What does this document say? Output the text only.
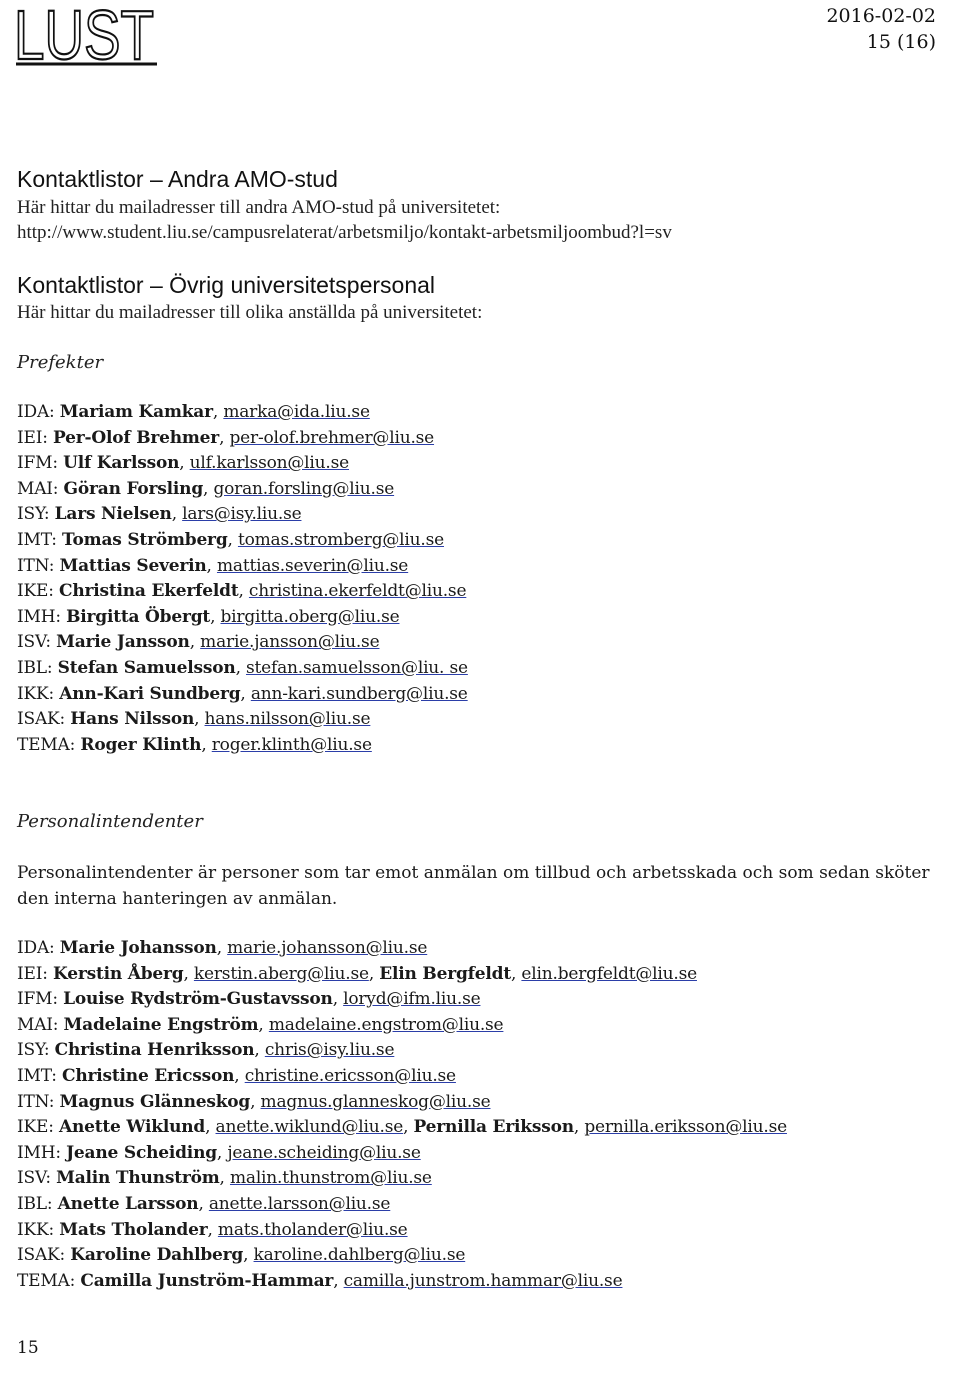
LUST	2016-02-02
15 (16)
Kontaktlistor – Andra AMO-stud
Här hittar du mailadresser till andra AMO-stud på universitetet:
http://www.student.liu.se/campusrelaterat/arbetsmiljo/kontakt-arbetsmiljoombud?l=sv
Kontaktlistor – Övrig universitetspersonal
Här hittar du mailadresser till olika anställda på universitetet:
Prefekter
IDA: Mariam Kamkar, marka@ida.liu.se
IEI: Per-Olof Brehmer, per-olof.brehmer@liu.se
IFM: Ulf Karlsson, ulf.karlsson@liu.se
MAI: Göran Forsling, goran.forsling@liu.se
ISY: Lars Nielsen, lars@isy.liu.se
IMT: Tomas Strömberg, tomas.stromberg@liu.se
ITN: Mattias Severin, mattias.severin@liu.se
IKE: Christina Ekerfeldt, christina.ekerfeldt@liu.se
IMH: Birgitta Öbergt, birgitta.oberg@liu.se
ISV: Marie Jansson, marie.jansson@liu.se
IBL: Stefan Samuelsson, stefan.samuelsson@liu. se
IKK: Ann-Kari Sundberg, ann-kari.sundberg@liu.se
ISAK: Hans Nilsson, hans.nilsson@liu.se
TEMA: Roger Klinth, roger.klinth@liu.se
Personalintendenter
Personalintendenter är personer som tar emot anmälan om tillbud och arbetsskada och som sedan sköter den interna hanteringen av anmälan.
IDA: Marie Johansson, marie.johansson@liu.se
IEI: Kerstin Åberg, kerstin.aberg@liu.se, Elin Bergfeldt, elin.bergfeldt@liu.se
IFM: Louise Rydström-Gustavsson, loryd@ifm.liu.se
MAI: Madelaine Engström, madelaine.engstrom@liu.se
ISY: Christina Henriksson, chris@isy.liu.se
IMT: Christine Ericsson, christine.ericsson@liu.se
ITN: Magnus Glänneskog, magnus.glanneskog@liu.se
IKE: Anette Wiklund, anette.wiklund@liu.se, Pernilla Eriksson, pernilla.eriksson@liu.se
IMH: Jeane Scheiding, jeane.scheiding@liu.se
ISV: Malin Thunström, malin.thunstrom@liu.se
IBL: Anette Larsson, anette.larsson@liu.se
IKK: Mats Tholander, mats.tholander@liu.se
ISAK: Karoline Dahlberg, karoline.dahlberg@liu.se
TEMA: Camilla Junström-Hammar, camilla.junstrom.hammar@liu.se
15
